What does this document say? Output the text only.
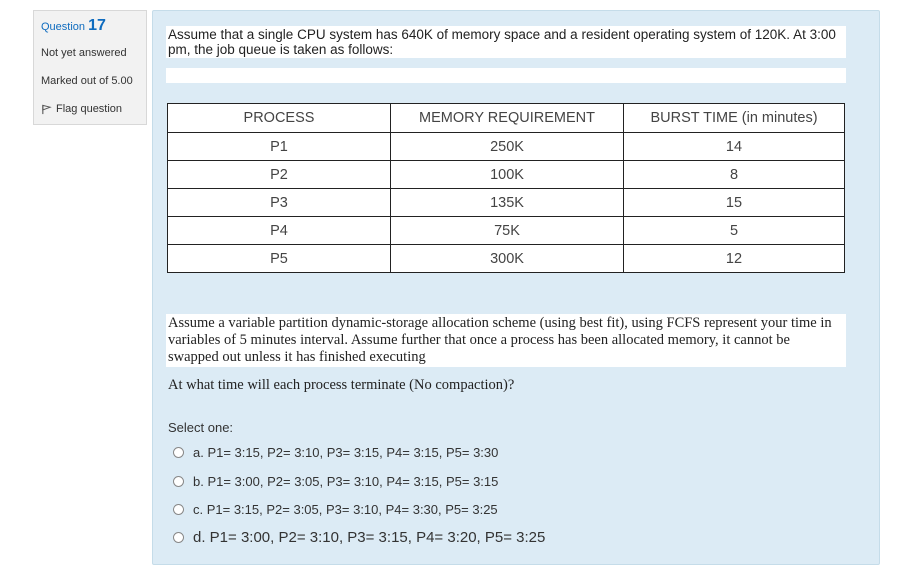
Question 17
Not yet answered
Marked out of 5.00
Flag question
Assume that a single CPU system has 640K of memory space and a resident operating system of 120K. At 3:00 pm, the job queue is taken as follows:
PROCESS	MEMORY REQUIREMENT	BURST TIME (in minutes)
P1	250K	14
P2	100K	8
P3	135K	15
P4	75K	5
P5	300K	12
Assume a variable partition dynamic-storage allocation scheme (using best fit), using FCFS represent your time in variables of 5 minutes interval. Assume further that once a process has been allocated memory, it cannot be swapped out unless it has finished executing
At what time will each process terminate (No compaction)?
Select one:
a. P1= 3:15, P2= 3:10, P3= 3:15, P4= 3:15, P5= 3:30
b. P1= 3:00, P2= 3:05, P3= 3:10, P4= 3:15, P5= 3:15
c. P1= 3:15, P2= 3:05, P3= 3:10, P4= 3:30, P5= 3:25
d. P1= 3:00, P2= 3:10, P3= 3:15, P4= 3:20, P5= 3:25
